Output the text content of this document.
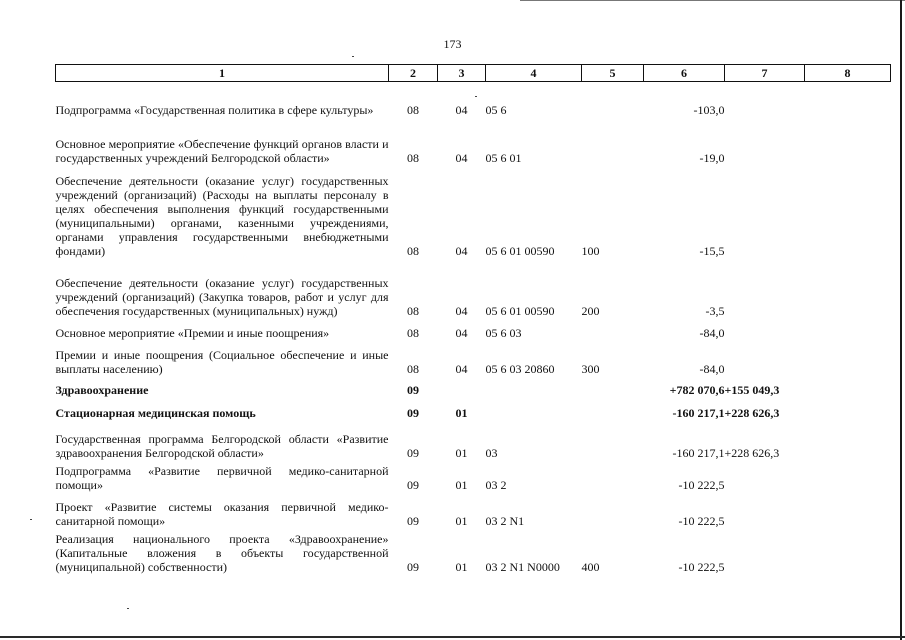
173
1	2	3	4	5	6	7	8
Подпрограмма «Государственная политика в сфере культуры»	08	04	05 6		-103,0		
Основное мероприятие «Обеспечение функций органов власти и государственных учреждений Белгородской области»	08	04	05 6 01		-19,0		
Обеспечение деятельности (оказание услуг) государственных учреждений (организаций) (Расходы на выплаты персоналу в целях обеспечения выполнения функций государственными (муниципальными) органами, казенными учреждениями, органами управления государственными внебюджетными фондами)	08	04	05 6 01 00590	100	-15,5		
Обеспечение деятельности (оказание услуг) государственных учреждений (организаций) (Закупка товаров, работ и услуг для обеспечения государственных (муниципальных) нужд)	08	04	05 6 01 00590	200	-3,5		
Основное мероприятие «Премии и иные поощрения»	08	04	05 6 03		-84,0		
Премии и иные поощрения (Социальное обеспечение и иные выплаты населению)	08	04	05 6 03 20860	300	-84,0		
Здравоохранение	09				+782 070,6	+155 049,3	
Стационарная медицинская помощь	09	01			-160 217,1	+228 626,3	
Государственная программа Белгородской области «Развитие здравоохранения Белгородской области»	09	01	03		-160 217,1	+228 626,3	
Подпрограмма «Развитие первичной медико-санитарной помощи»	09	01	03 2		-10 222,5		
Проект «Развитие системы оказания первичной медико-санитарной помощи»	09	01	03 2 N1		-10 222,5		
Реализация национального проекта «Здравоохранение» (Капитальные вложения в объекты государственной (муниципальной) собственности)	09	01	03 2 N1 N0000	400	-10 222,5		
